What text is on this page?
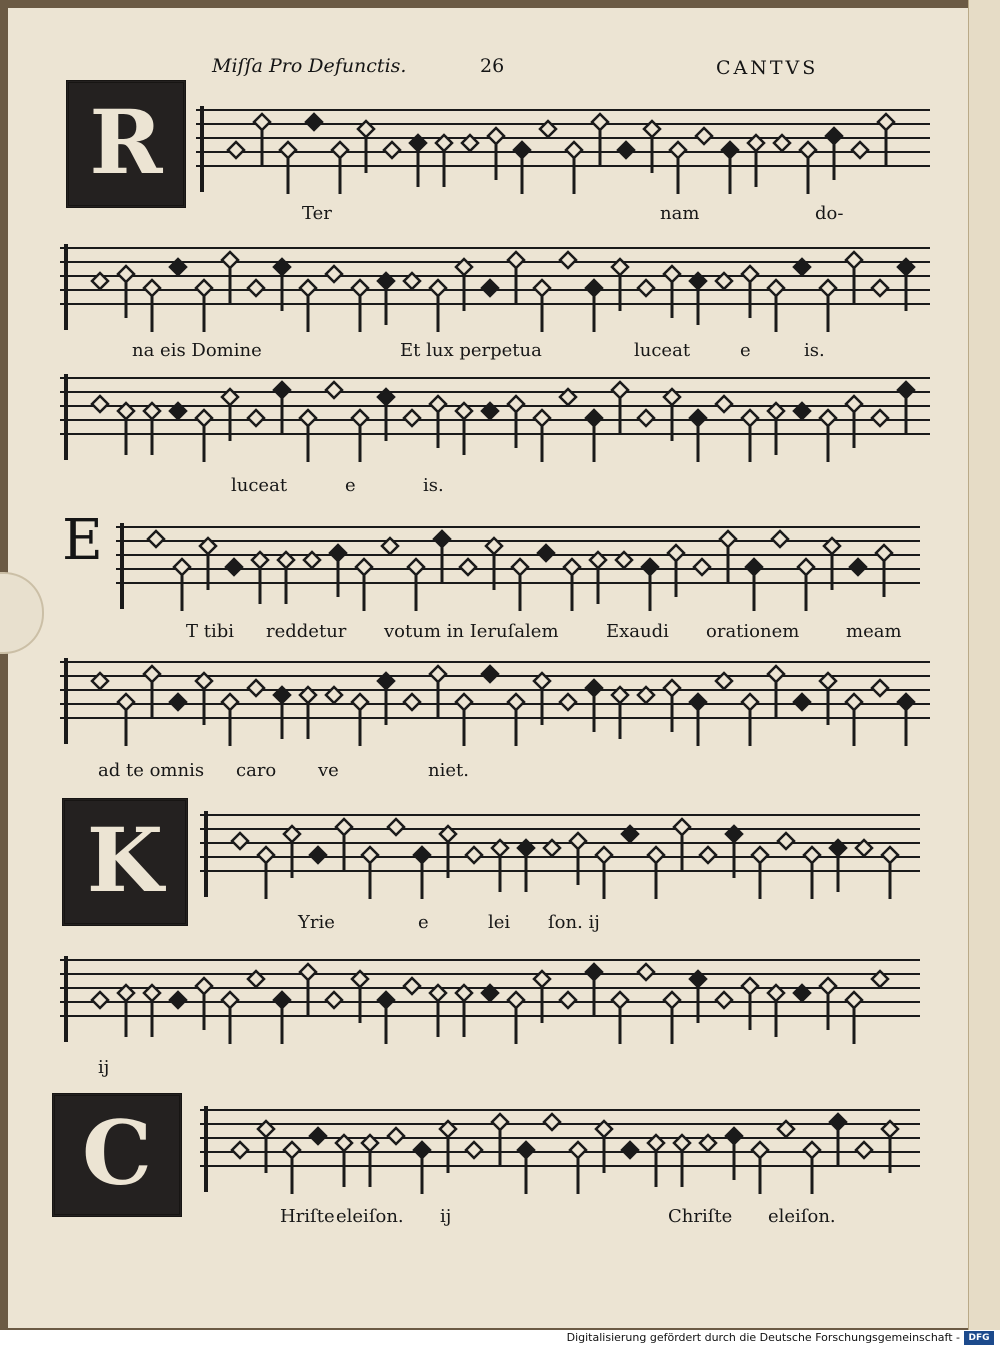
Miſſa Pro Defunctis.	26	CANTVS
R
Ter	nam	do-
na eis Domine	Et lux perpetua	luceat	e	is.
luceat	e	is.
E
T tibi reddetur votum in Ieruſalem	Exaudi orationem	meam
ad te omnis caro ve	niet.
K
Yrie	e	lei ſon. ij
ij
C
Hriſte eleiſon. ij	Chriſte eleiſon.
Digitalisierung gefördert durch die Deutsche Forschungsgemeinschaft - DFG
